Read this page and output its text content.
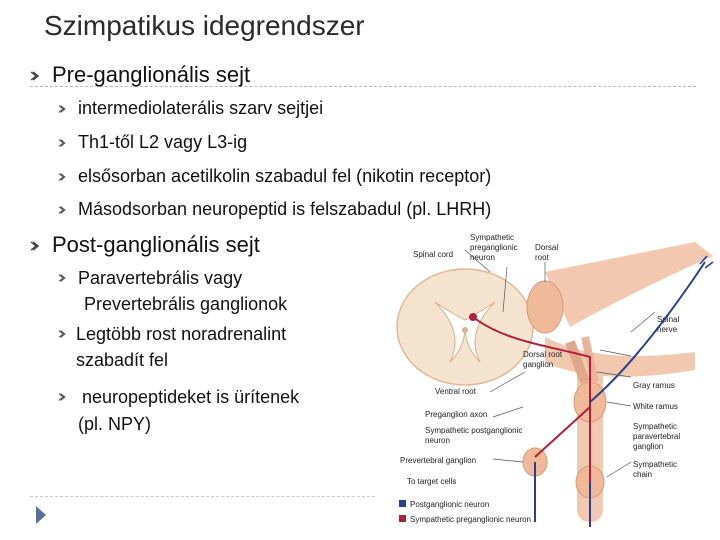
Szimpatikus idegrendszer
Pre-ganglionális sejt
intermediolaterális szarv sejtjei
Th1-től L2 vagy L3-ig
elsősorban acetilkolin szabadul fel (nikotin receptor)
Másodsorban neuropeptid is felszabadul (pl. LHRH)
Post-ganglionális sejt
Paravertebrális vagy
Prevertebrális ganglionok
Legtöbb rost noradrenalint
szabadít fel
neuropeptideket is ürítenek
(pl. NPY)
Spinal cord
Sympathetic preganglionic neuron
Dorsal root
Spinal nerve
Dorsal root ganglion
Gray ramus
White ramus
Ventral root
Preganglion axon
Sympathetic postganglionic neuron
Sympathetic paravertebral ganglion
Prevertebral ganglion	Sympathetic chain
To target cells
Postganglionic neuron
Sympathetic preganglionic neuron
